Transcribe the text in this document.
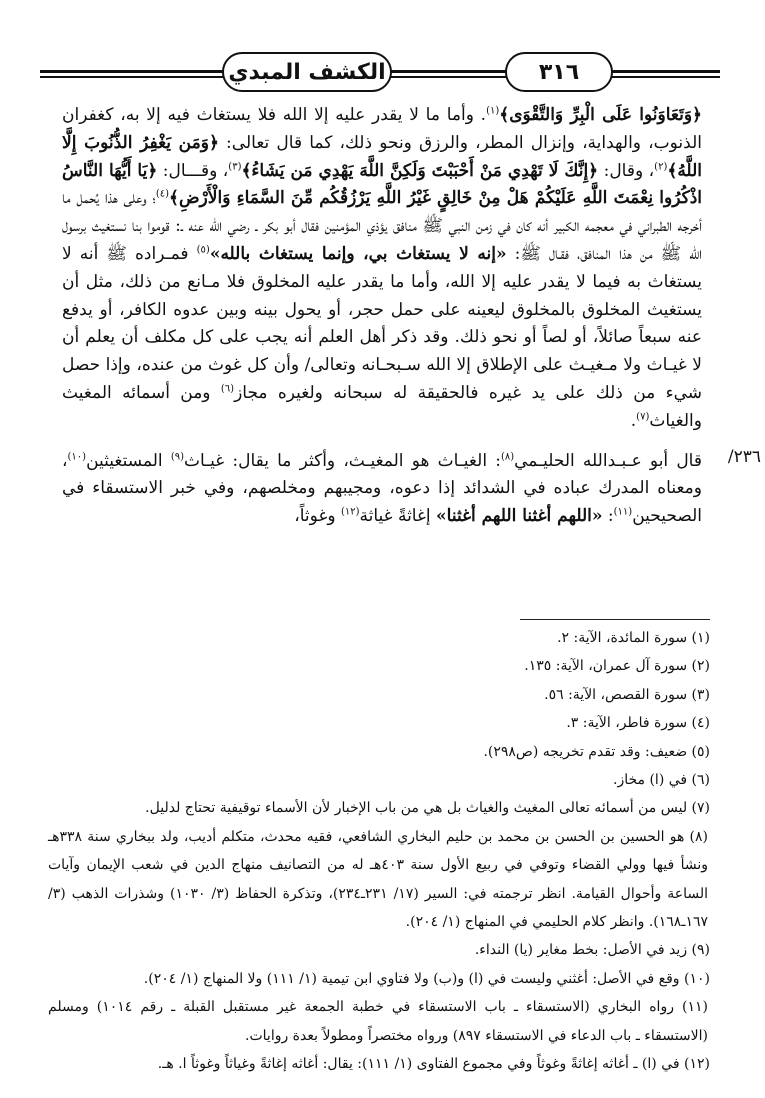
الكشف المبدي	٣١٦

﴿وَتَعَاوَنُوا عَلَى الْبِرِّ وَالتَّقْوَى﴾$^{(١)}$. وأما ما لا يقدر عليه إلا الله فلا يستغاث فيه إلا به، كغفران الذنوب، والهداية، وإنزال المطر، والرزق ونحو ذلك، كما قال تعالى: ﴿وَمَن يَغْفِرُ الذُّنُوبَ إِلَّا اللَّهُ﴾$^{(٢)}$، وقال: ﴿إِنَّكَ لَا تَهْدِي مَنْ أَحْبَبْتَ وَلَكِنَّ اللَّهَ يَهْدِي مَن يَشَاءُ﴾$^{(٣)}$، وقـــال: ﴿يَا أَيُّهَا النَّاسُ اذْكُرُوا نِعْمَتَ اللَّهِ عَلَيْكُمْ هَلْ مِنْ خَالِقٍ غَيْرُ اللَّهِ يَرْزُقُكُم مِّنَ السَّمَاءِ وَالْأَرْضِ﴾$^{(٤)}$؛ وعلى هذا يُحمل ما أخرجه الطبراني في معجمه الكبير أنه كان في زمن النبي ﷺ منافق يؤذي المؤمنين فقال أبو بكر ـ رضي الله عنه ـ: قوموا بنا نستغيث برسول الله ﷺ من هذا المنافق، فقـال ﷺ: «إنه لا يستغاث بي، وإنما يستغاث بالله»$^{(٥)}$ فمـراده ﷺ أنه لا يستغاث به فيما لا يقدر عليه إلا الله، وأما ما يقدر عليه المخلوق فلا مـانع من ذلك، مثل أن يستغيث المخلوق بالمخلوق ليعينه على حمل حجر، أو يحول بينه وبين عدوه الكافر، أو يدفع عنه سبعاً صائلاً، أو لصاً أو نحو ذلك. وقد ذكر أهل العلم أنه يجب على كل مكلف أن يعلم أن لا غيـاث ولا مـغيـث على الإطلاق إلا الله سـبحـانه وتعالى/ وأن كل غوث من عنده، وإذا حصل شيء من ذلك على يد غيره فالحقيقة له سبحانه ولغيره مجاز$^{(٦)}$ ومن أسمائه المغيث والغياث$^{(٧)}$.

قال أبو عـبـدالله الحليـمي$^{(٨)}$: الغيـاث هو المغيـث، وأكثر ما يقال: غيـاث$^{(٩)}$ المستغيثين$^{(١٠)}$، ومعناه المدرك عباده في الشدائد إذا دعوه، ومجيبهم ومخلصهم، وفي خبر الاستسقاء في الصحيحين$^{(١١)}$: «اللهم أغثنا اللهم أغثنا» إغاثةً غياثة$^{(١٢)}$ وغوثاً،

٢٣٦/

(١) سورة المائدة، الآية: ٢.

(٢) سورة آل عمران، الآية: ١٣٥.

(٣) سورة القصص، الآية: ٥٦.

(٤) سورة فاطر، الآية: ٣.

(٥) ضعيف: وقد تقدم تخريجه (ص٢٩٨).

(٦) في (ا) مخاز.

(٧) ليس من أسمائه تعالى المغيث والغياث بل هي من باب الإخبار لأن الأسماء توقيفية تحتاج لدليل.

(٨) هو الحسين بن الحسن بن محمد بن حليم البخاري الشافعي، فقيه محدث، متكلم أديب، ولد ببخاري سنة ٣٣٨هـ ونشأ فيها وولي القضاء وتوفي في ربيع الأول سنة ٤٠٣هـ له من التصانيف منهاج الدين في شعب الإيمان وآيات الساعة وأحوال القيامة. انظر ترجمته في: السير (١٧/ ٢٣١ـ٢٣٤)، وتذكرة الحفاظ (٣/ ١٠٣٠) وشذرات الذهب (٣/ ١٦٧ـ١٦٨). وانظر كلام الحليمي في المنهاج (١/ ٢٠٤).

(٩) زيد في الأصل: بخط مغاير (يا) النداء.

(١٠) وقع في الأصل: أغثني وليست في (ا) و(ب) ولا فتاوي ابن تيمية (١/ ١١١) ولا المنهاج (١/ ٢٠٤).

(١١) رواه البخاري (الاستسقاء ـ باب الاستسقاء في خطبة الجمعة غير مستقبل القبلة ـ رقم ١٠١٤) ومسلم (الاستسقاء ـ باب الدعاء في الاستسقاء ٨٩٧) ورواه مختصراً ومطولاً بعدة روايات.

(١٢) في (ا) ـ أغاثه إغاثةً وغوثاً وفي مجموع الفتاوى (١/ ١١١): يقال: أغاثه إغاثةً وغياثاً وغوثاً ا. هـ.
